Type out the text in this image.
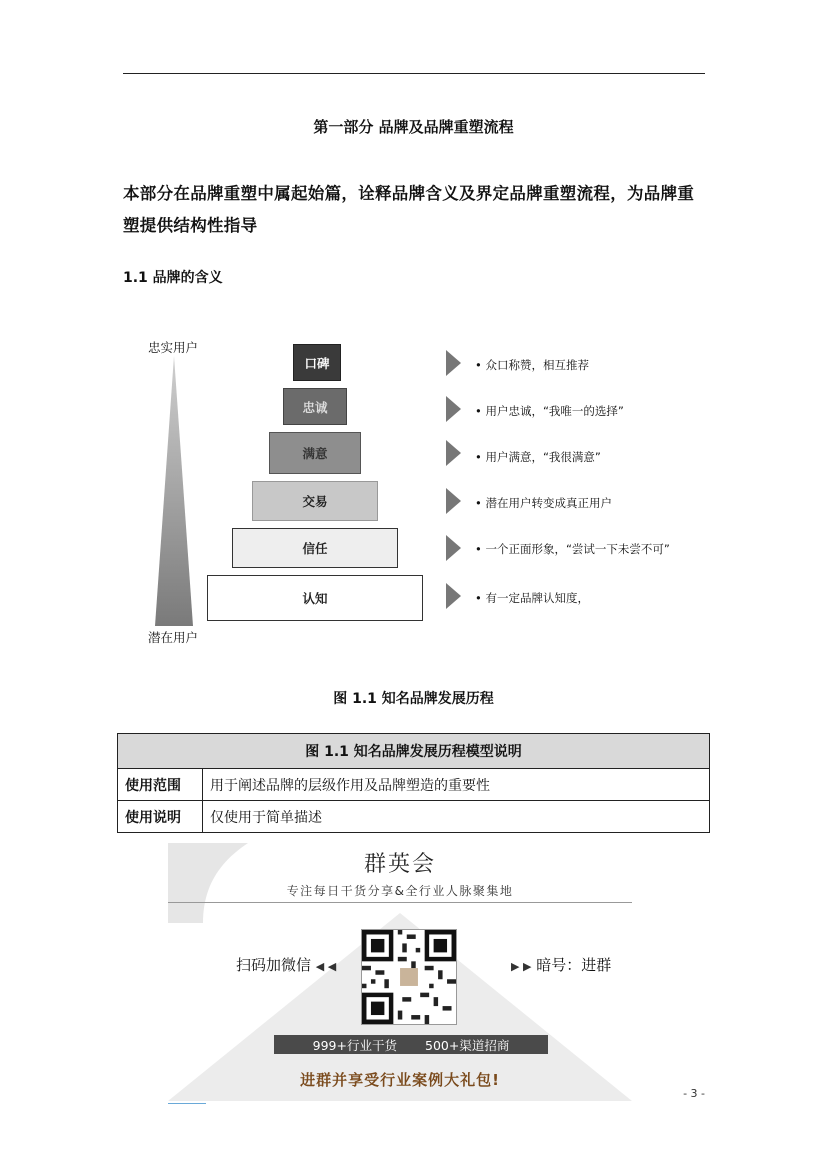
第一部分 品牌及品牌重塑流程
本部分在品牌重塑中属起始篇，诠释品牌含义及界定品牌重塑流程，为品牌重
塑提供结构性指导
1.1 品牌的含义
忠实用户
潜在用户
口碑
忠诚
满意
交易
信任
认知
• 众口称赞，相互推荐
• 用户忠诚，“我唯一的选择”
• 用户满意，“我很满意”
• 潜在用户转变成真正用户
• 一个正面形象，“尝试一下未尝不可”
• 有一定品牌认知度，
图 1.1 知名品牌发展历程
图 1.1 知名品牌发展历程模型说明	
使用范围	用于阐述品牌的层级作用及品牌塑造的重要性
使用说明	仅使用于简单描述
群英会
专注每日干货分享&全行业人脉聚集地
扫码加微信 ◀ ◀	▶ ▶ 暗号：进群
999+行业干货 500+渠道招商
进群并享受行业案例大礼包!
- 3 -
